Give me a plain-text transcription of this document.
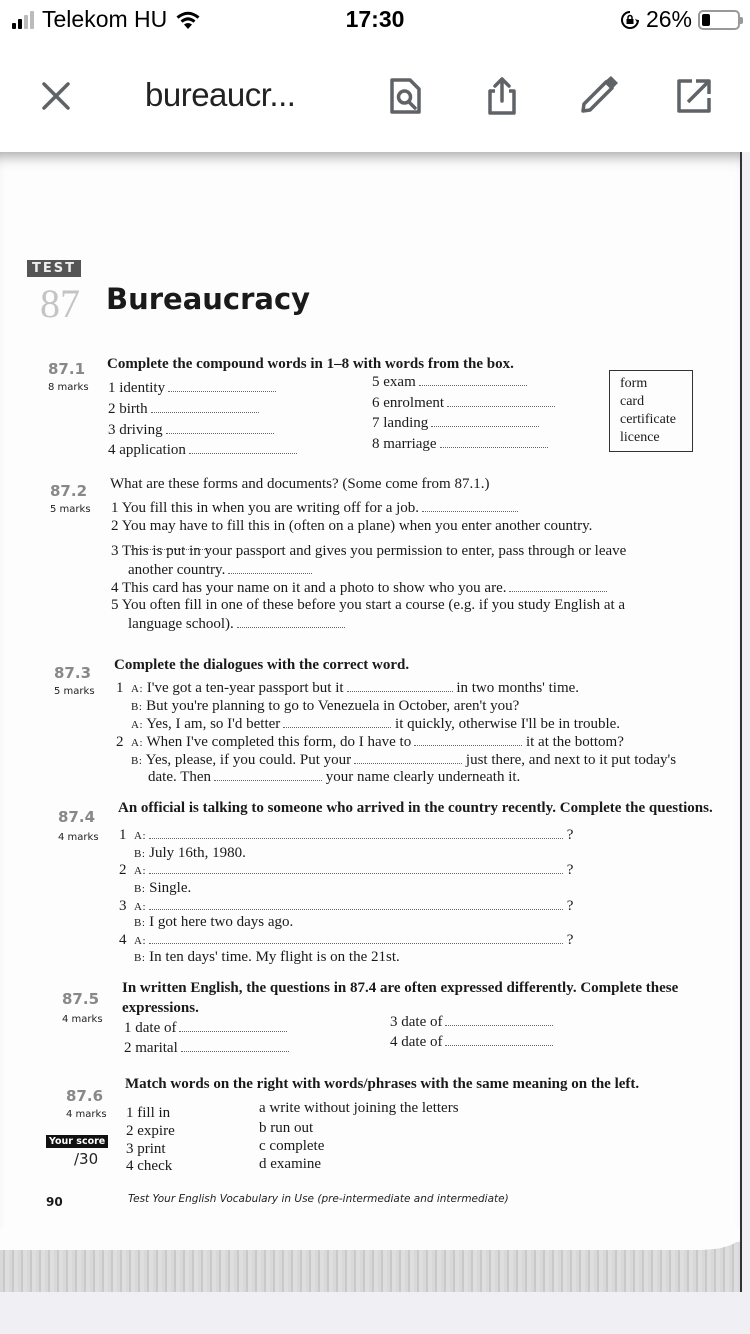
Telekom HU	17:30	26%
bureaucr...
TEST
87 Bureaucracy
87.1
8 marks
Complete the compound words in 1–8 with words from the box.
1 identity
2 birth
3 driving
4 application
5 exam
6 enrolment
7 landing
8 marriage
form
card
certificate
licence
87.2
5 marks
What are these forms and documents? (Some come from 87.1.)
1 You fill this in when you are writing off for a job.
2 You may have to fill this in (often on a plane) when you enter another country.
3 This is put in your passport and gives you permission to enter, pass through or leave
another country.
4 This card has your name on it and a photo to show who you are.
5 You often fill in one of these before you start a course (e.g. if you study English at a
language school).
87.3
5 marks
Complete the dialogues with the correct word.
1 A: I've got a ten-year passport but it	in two months' time.
B: But you're planning to go to Venezuela in October, aren't you?
A: Yes, I am, so I'd better	it quickly, otherwise I'll be in trouble.
2 A: When I've completed this form, do I have to	it at the bottom?
B: Yes, please, if you could. Put your	just there, and next to it put today's
date. Then	your name clearly underneath it.
87.4
4 marks
An official is talking to someone who arrived in the country recently. Complete the questions.
1 A:	?
B: July 16th, 1980.
2 A:	?
B: Single.
3 A:	?
B: I got here two days ago.
4 A:	?
B: In ten days' time. My flight is on the 21st.
87.5
4 marks
In written English, the questions in 87.4 are often expressed differently. Complete these
expressions.
1 date of
2 marital
3 date of
4 date of
87.6
4 marks
Match words on the right with words/phrases with the same meaning on the left.
1 fill in
2 expire
3 print
4 check
a write without joining the letters
b run out
c complete
d examine
Your score
/30
90	Test Your English Vocabulary in Use (pre-intermediate and intermediate)
